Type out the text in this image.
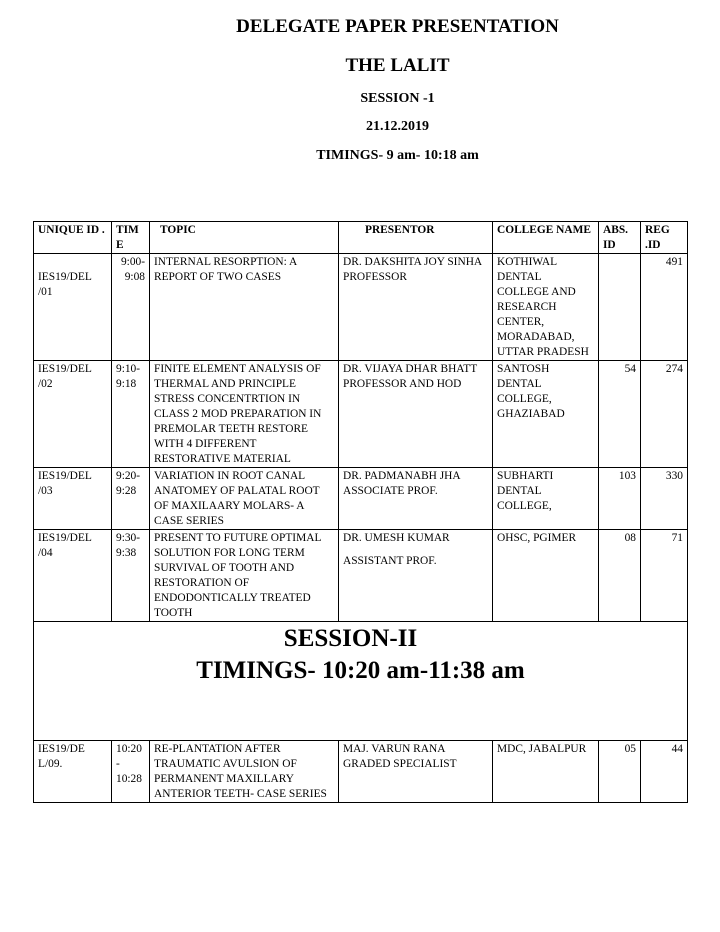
DELEGATE PAPER PRESENTATION
THE LALIT
SESSION -1
21.12.2019
TIMINGS- 9 am- 10:18 am
UNIQUE ID .	TIM E	TOPIC	PRESENTOR	COLLEGE NAME	ABS. ID	REG .ID
IES19/DEL /01	9:00- 9:08	INTERNAL RESORPTION: A REPORT OF TWO CASES	DR. DAKSHITA JOY SINHA
PROFESSOR	KOTHIWAL DENTAL COLLEGE AND RESEARCH CENTER, MORADABAD, UTTAR PRADESH		491
IES19/DEL /02	9:10- 9:18	FINITE ELEMENT ANALYSIS OF THERMAL AND PRINCIPLE STRESS CONCENTRTION IN CLASS 2 MOD PREPARATION IN PREMOLAR TEETH RESTORE WITH 4 DIFFERENT RESTORATIVE MATERIAL	DR. VIJAYA DHAR BHATT
PROFESSOR AND HOD	SANTOSH DENTAL COLLEGE, GHAZIABAD	54	274
IES19/DEL /03	9:20- 9:28	VARIATION IN ROOT CANAL ANATOMEY OF PALATAL ROOT OF MAXILAARY MOLARS- A CASE SERIES	DR. PADMANABH JHA
ASSOCIATE PROF.	SUBHARTI DENTAL COLLEGE,	103	330
IES19/DEL /04	9:30- 9:38	PRESENT TO FUTURE OPTIMAL SOLUTION FOR LONG TERM SURVIVAL OF TOOTH AND RESTORATION OF ENDODONTICALLY TREATED TOOTH	DR. UMESH KUMAR
ASSISTANT PROF.	OHSC, PGIMER	08	71

SESSION-II
TIMINGS- 10:20 am-11:38 am						

IES19/DE L/09.	10:20- 10:28	RE-PLANTATION AFTER TRAUMATIC AVULSION OF PERMANENT MAXILLARY ANTERIOR TEETH- CASE SERIES	MAJ. VARUN RANA
GRADED SPECIALIST	MDC, JABALPUR	05	44
